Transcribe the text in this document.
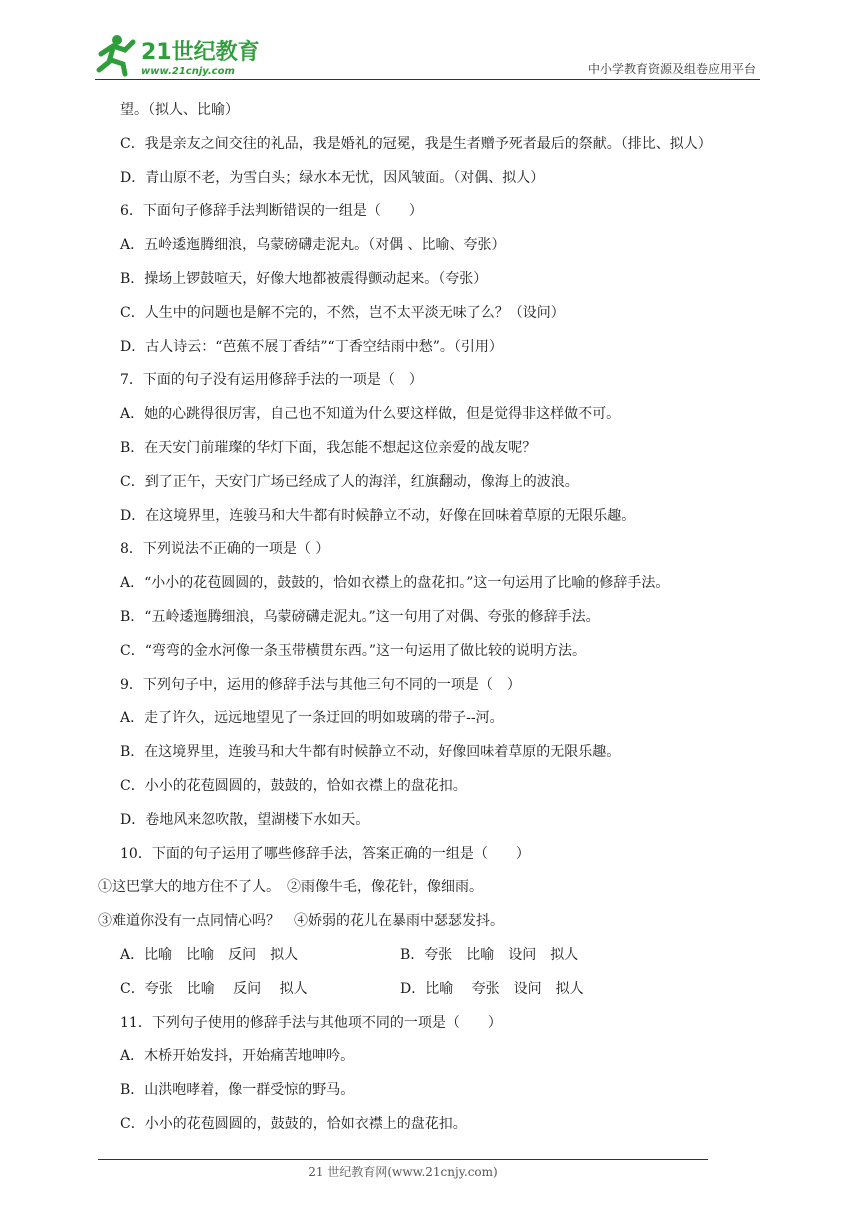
21世纪教育
www.21cnjy.com	中小学教育资源及组卷应用平台
望。（拟人、比喻）
C．我是亲友之间交往的礼品，我是婚礼的冠冕，我是生者赠予死者最后的祭献。（排比、拟人）
D．青山原不老，为雪白头；绿水本无忧，因风皱面。（对偶、拟人）
6．下面句子修辞手法判断错误的一组是（　　）
A．五岭逶迤腾细浪，乌蒙磅礴走泥丸。（对偶 、比喻、夸张）
B．操场上锣鼓喧天，好像大地都被震得颤动起来。（夸张）
C．人生中的问题也是解不完的，不然，岂不太平淡无味了么？（设问）
D．古人诗云：“芭蕉不展丁香结”“丁香空结雨中愁”。（引用）
7．下面的句子没有运用修辞手法的一项是（　）
A．她的心跳得很厉害，自己也不知道为什么要这样做，但是觉得非这样做不可。
B．在天安门前璀璨的华灯下面，我怎能不想起这位亲爱的战友呢？
C．到了正午，天安门广场已经成了人的海洋，红旗翻动，像海上的波浪。
D．在这境界里，连骏马和大牛都有时候静立不动，好像在回味着草原的无限乐趣。
8．下列说法不正确的一项是（ ）
A．“小小的花苞圆圆的，鼓鼓的，恰如衣襟上的盘花扣。”这一句运用了比喻的修辞手法。
B．“五岭逶迤腾细浪，乌蒙磅礴走泥丸。”这一句用了对偶、夸张的修辞手法。
C．“弯弯的金水河像一条玉带横贯东西。”这一句运用了做比较的说明方法。
9．下列句子中，运用的修辞手法与其他三句不同的一项是（　）
A．走了许久，远远地望见了一条迂回的明如玻璃的带子--河。
B．在这境界里，连骏马和大牛都有时候静立不动，好像回味着草原的无限乐趣。
C．小小的花苞圆圆的，鼓鼓的，恰如衣襟上的盘花扣。
D．卷地风来忽吹散，望湖楼下水如天。
10．下面的句子运用了哪些修辞手法，答案正确的一组是（　　）
①这巴掌大的地方住不了人。　②雨像牛毛，像花针，像细雨。
③难道你没有一点同情心吗？　④娇弱的花儿在暴雨中瑟瑟发抖。
A．比喻　比喻　反问　拟人	B．夸张　比喻　设问　拟人
C．夸张　比喻　 反问　 拟人	D．比喻　 夸张　设问　拟人
11．下列句子使用的修辞手法与其他项不同的一项是（　　）
A．木桥开始发抖，开始痛苦地呻吟。
B．山洪咆哮着，像一群受惊的野马。
C．小小的花苞圆圆的，鼓鼓的，恰如衣襟上的盘花扣。
21 世纪教育网(www.21cnjy.com)
